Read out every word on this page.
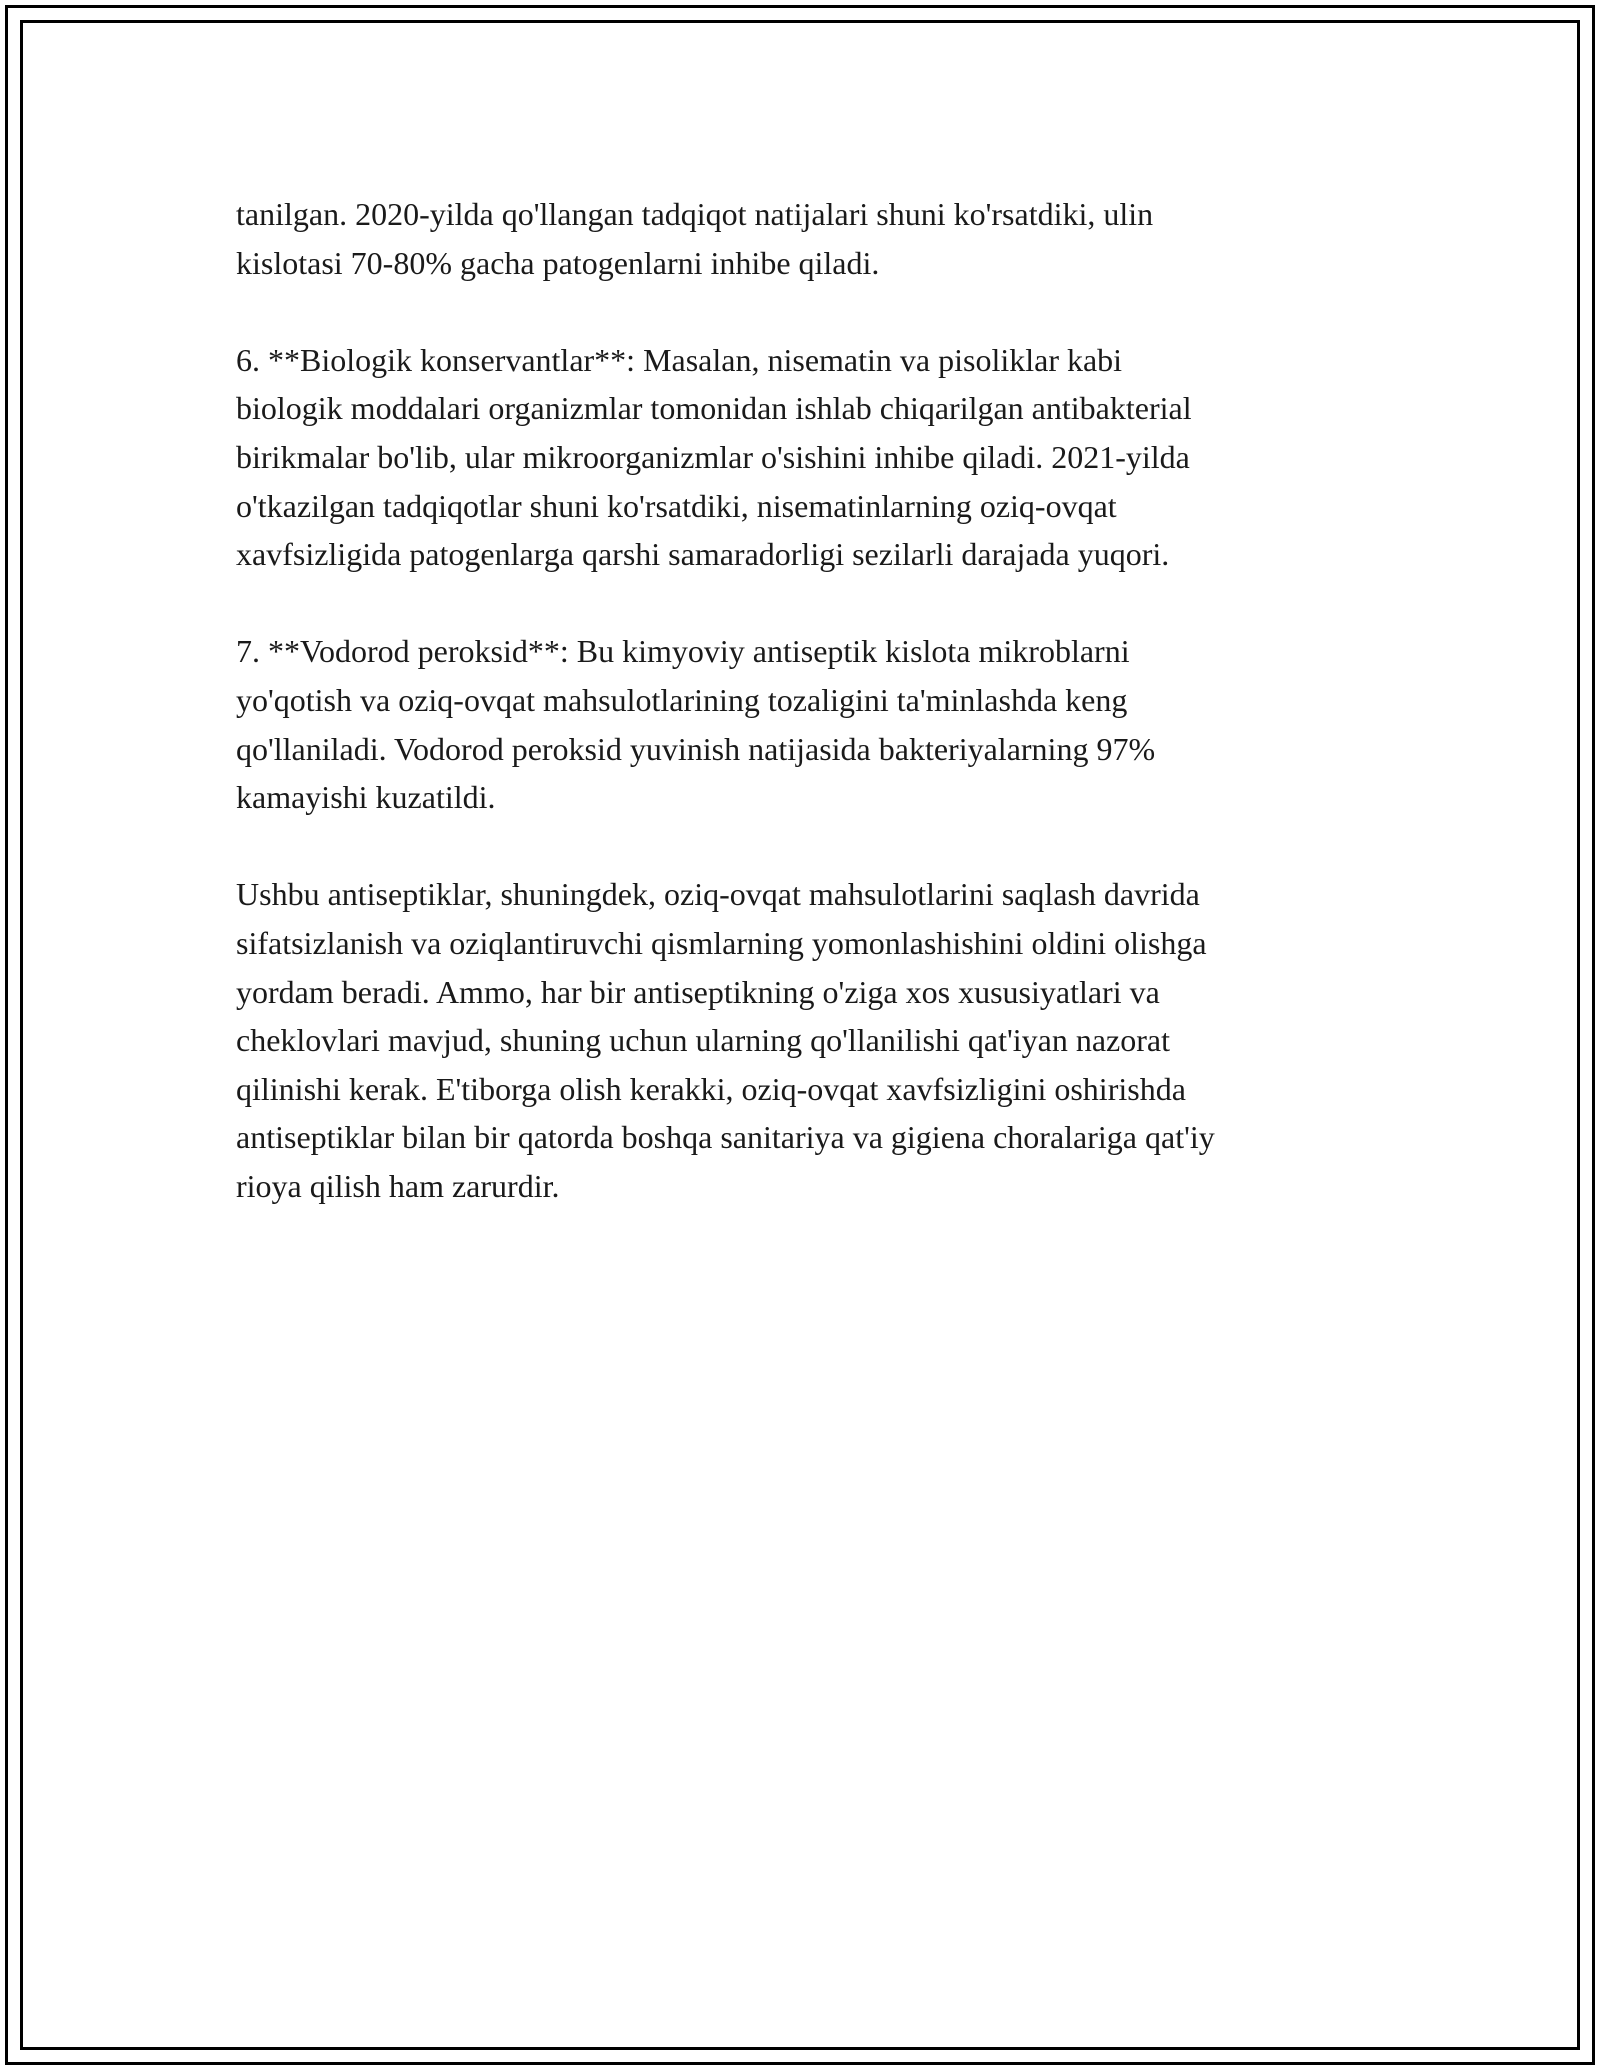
tanilgan. 2020-yilda qo'llangan tadqiqot natijalari shuni ko'rsatdiki, ulin
kislotasi 70-80% gacha patogenlarni inhibe qiladi.

6. **Biologik konservantlar**: Masalan, nisematin va pisoliklar kabi
biologik moddalari organizmlar tomonidan ishlab chiqarilgan antibakterial
birikmalar bo'lib, ular mikroorganizmlar o'sishini inhibe qiladi. 2021-yilda
o'tkazilgan tadqiqotlar shuni ko'rsatdiki, nisematinlarning oziq-ovqat
xavfsizligida patogenlarga qarshi samaradorligi sezilarli darajada yuqori.

7. **Vodorod peroksid**: Bu kimyoviy antiseptik kislota mikroblarni
yo'qotish va oziq-ovqat mahsulotlarining tozaligini ta'minlashda keng
qo'llaniladi. Vodorod peroksid yuvinish natijasida bakteriyalarning 97%
kamayishi kuzatildi.

Ushbu antiseptiklar, shuningdek, oziq-ovqat mahsulotlarini saqlash davrida
sifatsizlanish va oziqlantiruvchi qismlarning yomonlashishini oldini olishga
yordam beradi. Ammo, har bir antiseptikning o'ziga xos xususiyatlari va
cheklovlari mavjud, shuning uchun ularning qo'llanilishi qat'iyan nazorat
qilinishi kerak. E'tiborga olish kerakki, oziq-ovqat xavfsizligini oshirishda
antiseptiklar bilan bir qatorda boshqa sanitariya va gigiena choralariga qat'iy
rioya qilish ham zarurdir.
